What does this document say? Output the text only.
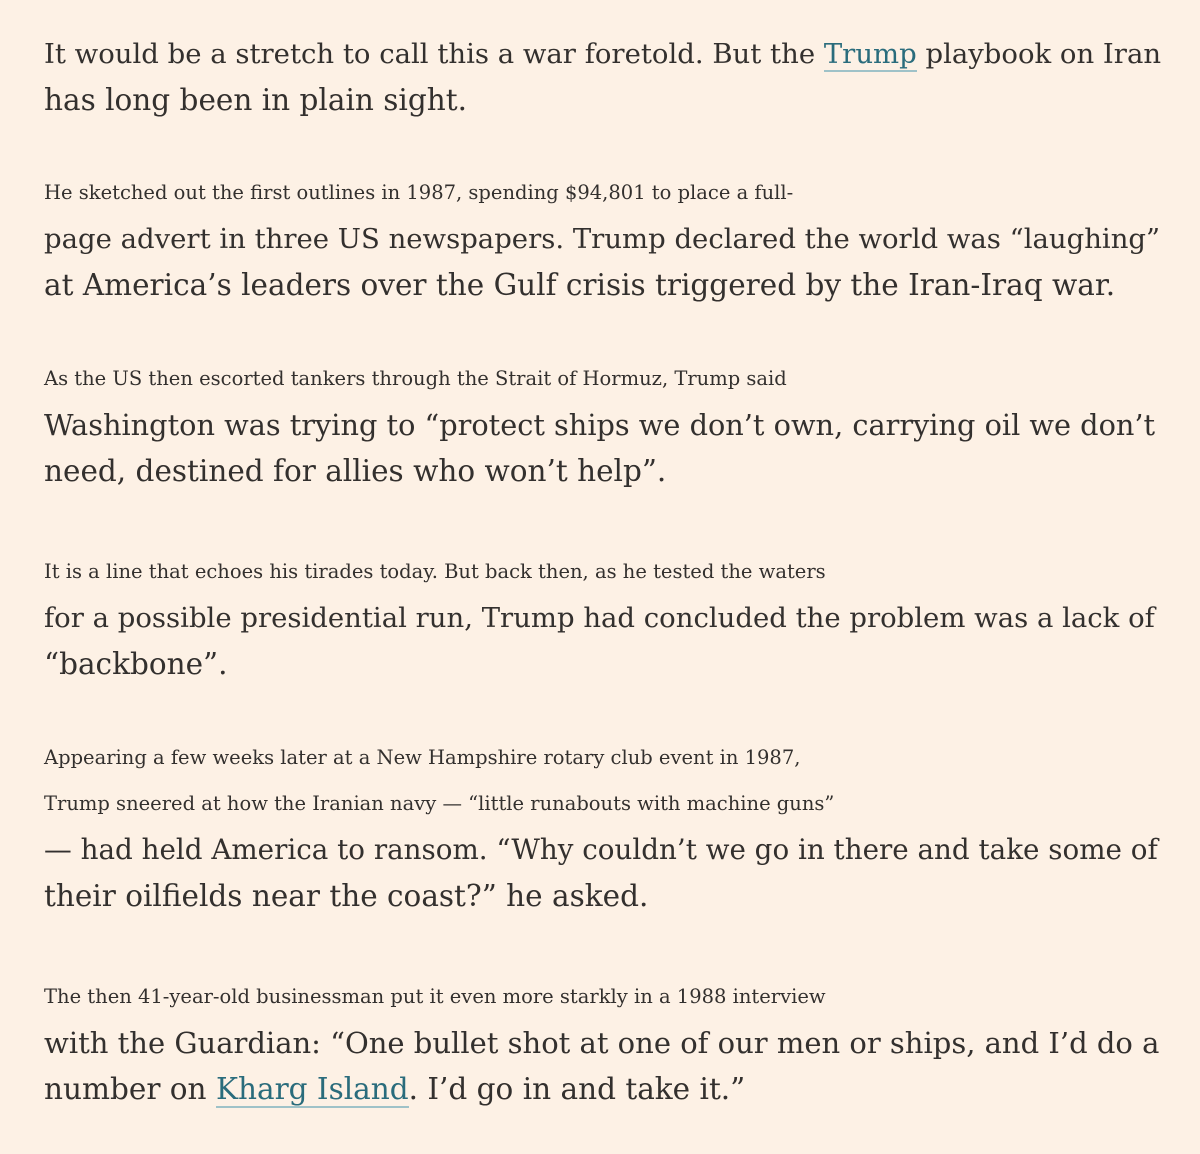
It would be a stretch to call this a war foretold. But the Trump playbook on Iran
has long been in plain sight.

He sketched out the first outlines in 1987, spending $94,801 to place a full-
page advert in three US newspapers. Trump declared the world was “laughing”
at America’s leaders over the Gulf crisis triggered by the Iran-Iraq war.

As the US then escorted tankers through the Strait of Hormuz, Trump said
Washington was trying to “protect ships we don’t own, carrying oil we don’t
need, destined for allies who won’t help”.

It is a line that echoes his tirades today. But back then, as he tested the waters
for a possible presidential run, Trump had concluded the problem was a lack of
“backbone”.

Appearing a few weeks later at a New Hampshire rotary club event in 1987,
Trump sneered at how the Iranian navy — “little runabouts with machine guns”
— had held America to ransom. “Why couldn’t we go in there and take some of
their oilfields near the coast?” he asked.

The then 41-year-old businessman put it even more starkly in a 1988 interview
with the Guardian: “One bullet shot at one of our men or ships, and I’d do a
number on Kharg Island. I’d go in and take it.”
